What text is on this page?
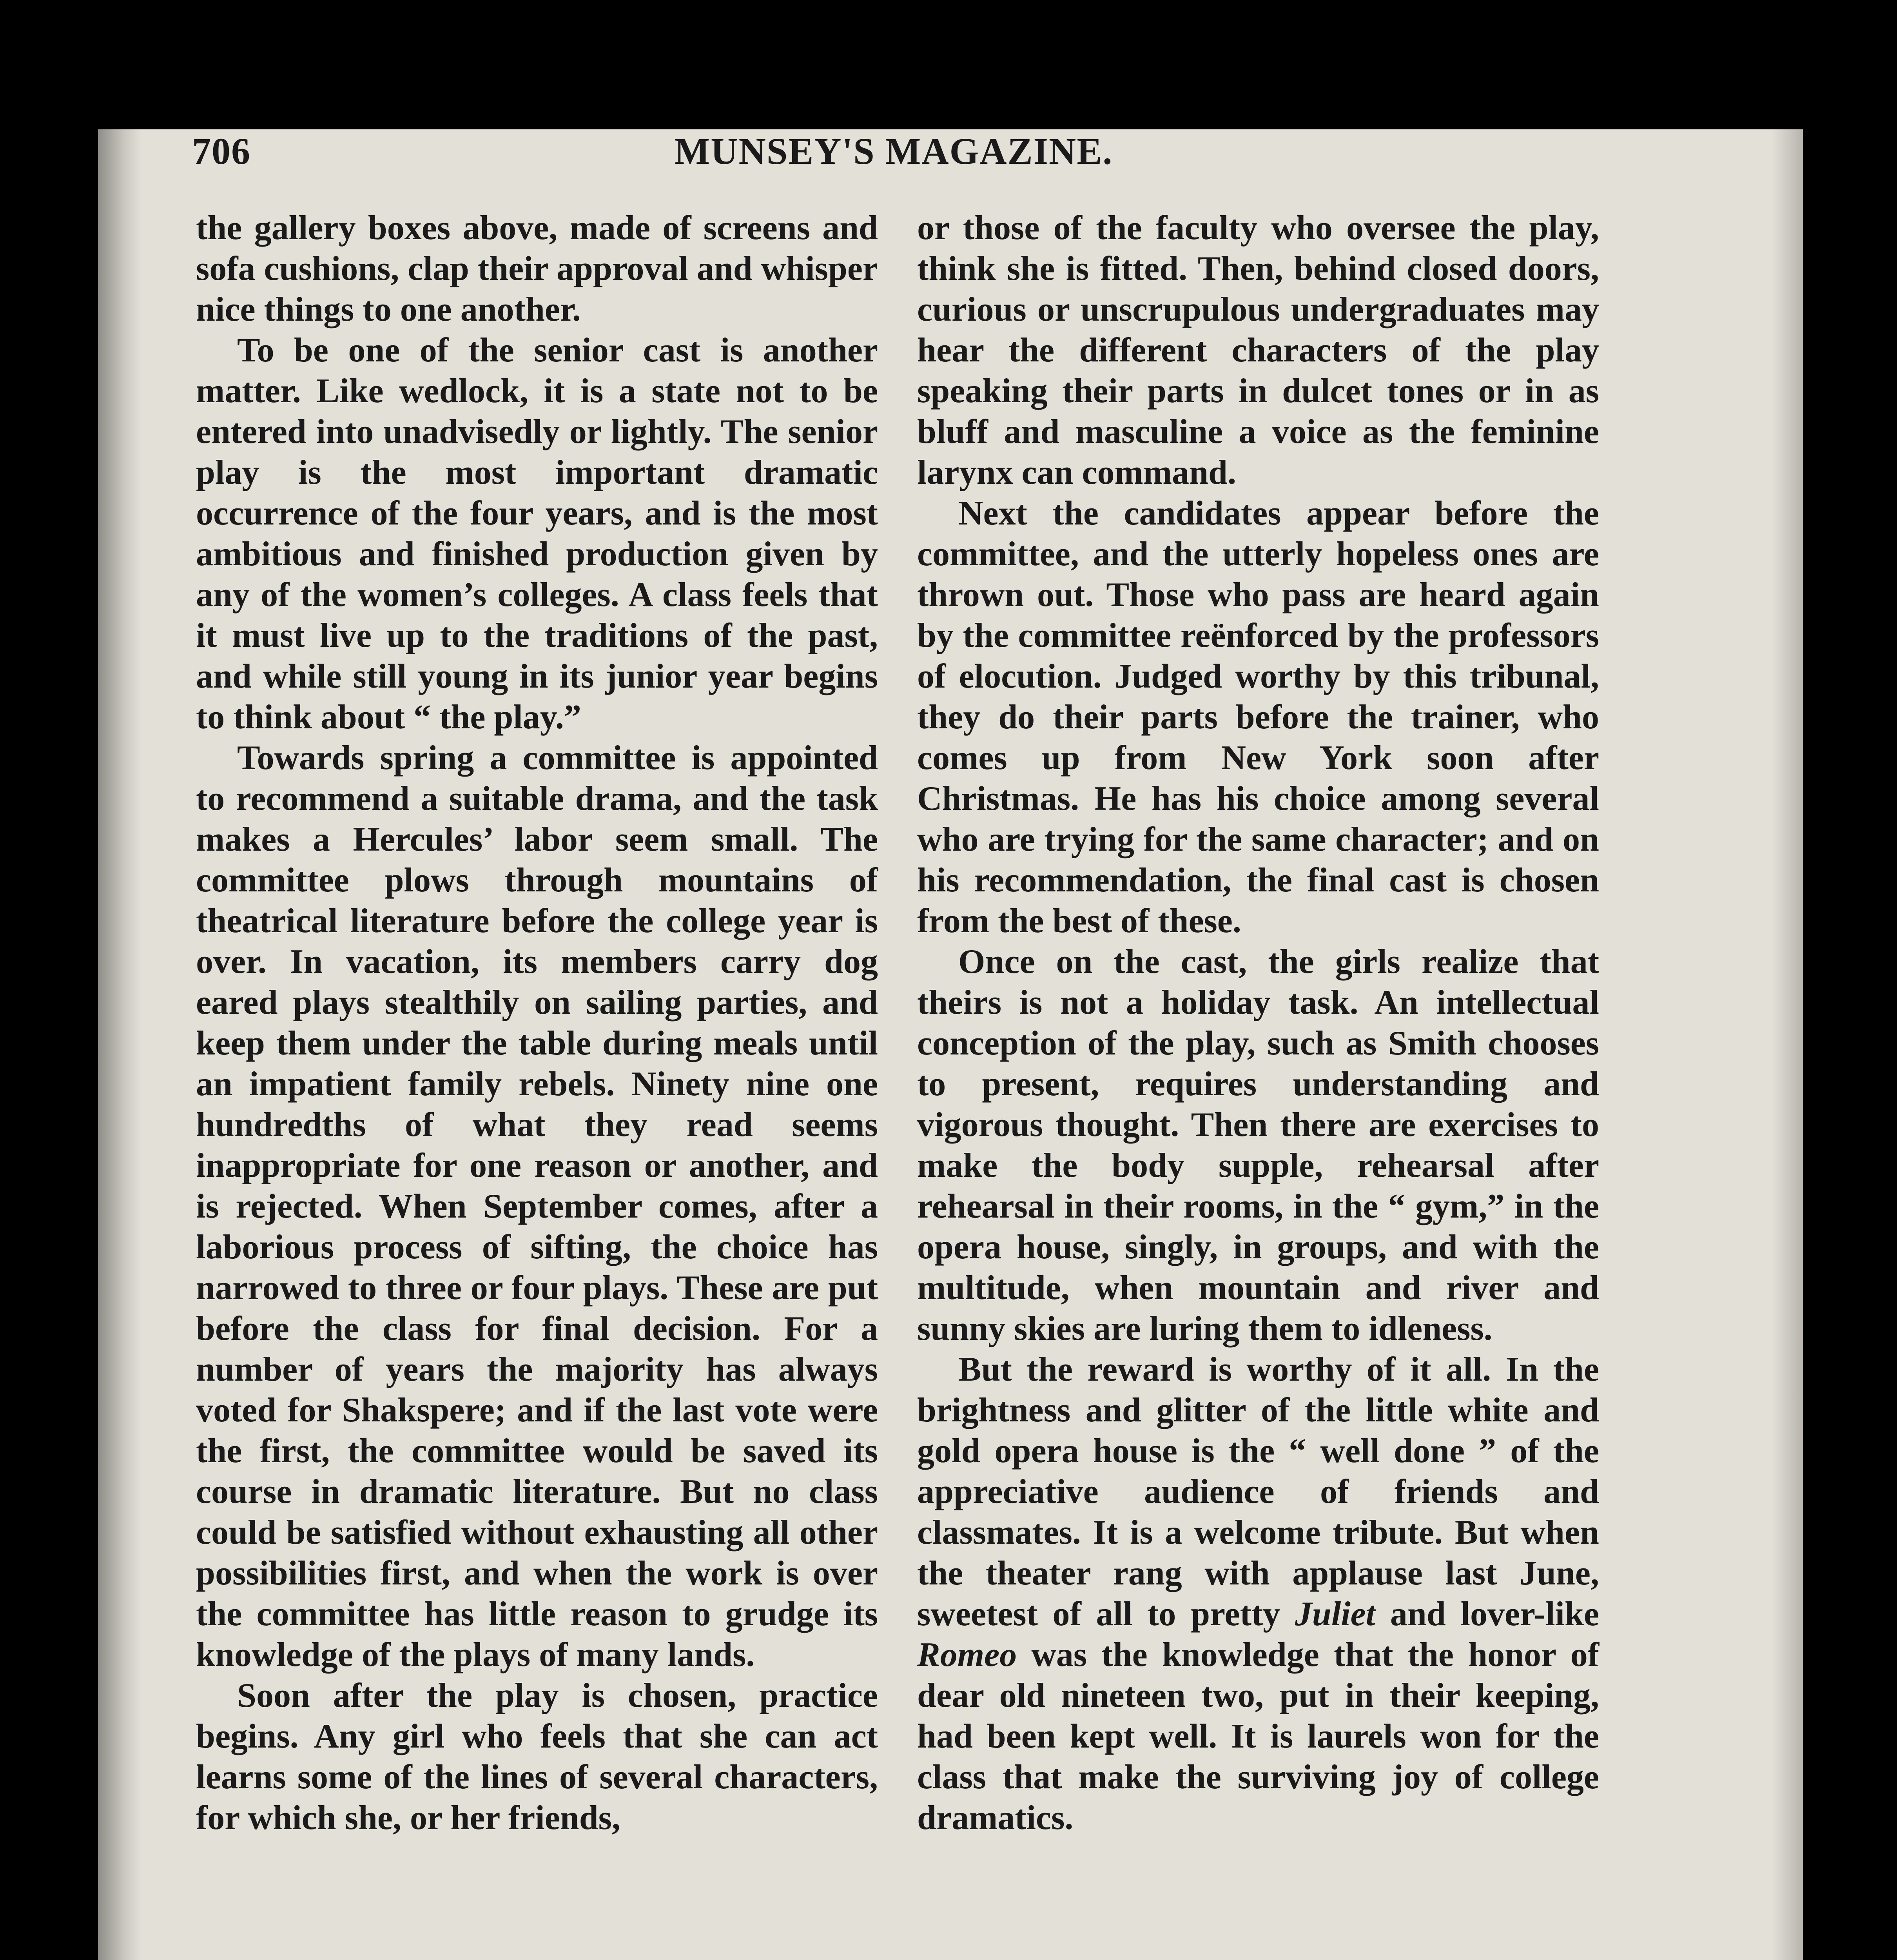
706	MUNSEY'S MAGAZINE.

the gallery boxes above, made of screens and sofa cushions, clap their approval and whisper nice things to one another.

To be one of the senior cast is another matter. Like wedlock, it is a state not to be entered into unadvisedly or lightly. The senior play is the most important dramatic occurrence of the four years, and is the most ambitious and finished production given by any of the women’s colleges. A class feels that it must live up to the traditions of the past, and while still young in its junior year begins to think about “ the play.”

Towards spring a committee is appointed to recommend a suitable drama, and the task makes a Hercules’ labor seem small. The committee plows through mountains of theatrical literature before the college year is over. In vacation, its members carry dog eared plays stealthily on sailing parties, and keep them under the table during meals until an impatient family rebels. Ninety nine one hundredths of what they read seems inappropriate for one reason or another, and is rejected. When September comes, after a laborious process of sifting, the choice has narrowed to three or four plays. These are put before the class for final decision. For a number of years the majority has always voted for Shakspere; and if the last vote were the first, the committee would be saved its course in dramatic literature. But no class could be satisfied without exhausting all other possibilities first, and when the work is over the committee has little reason to grudge its knowledge of the plays of many lands.

Soon after the play is chosen, practice begins. Any girl who feels that she can act learns some of the lines of several characters, for which she, or her friends,

or those of the faculty who oversee the play, think she is fitted. Then, behind closed doors, curious or unscrupulous undergraduates may hear the different characters of the play speaking their parts in dulcet tones or in as bluff and masculine a voice as the feminine larynx can command.

Next the candidates appear before the committee, and the utterly hopeless ones are thrown out. Those who pass are heard again by the committee reënforced by the professors of elocution. Judged worthy by this tribunal, they do their parts before the trainer, who comes up from New York soon after Christmas. He has his choice among several who are trying for the same character; and on his recommendation, the final cast is chosen from the best of these.

Once on the cast, the girls realize that theirs is not a holiday task. An intellectual conception of the play, such as Smith chooses to present, requires understanding and vigorous thought. Then there are exercises to make the body supple, rehearsal after rehearsal in their rooms, in the “ gym,” in the opera house, singly, in groups, and with the multitude, when mountain and river and sunny skies are luring them to idleness.

But the reward is worthy of it all. In the brightness and glitter of the little white and gold opera house is the “ well done ” of the appreciative audience of friends and classmates. It is a welcome tribute. But when the theater rang with applause last June, sweetest of all to pretty Juliet and lover-like Romeo was the knowledge that the honor of dear old nineteen two, put in their keeping, had been kept well. It is laurels won for the class that make the surviving joy of college dramatics.
